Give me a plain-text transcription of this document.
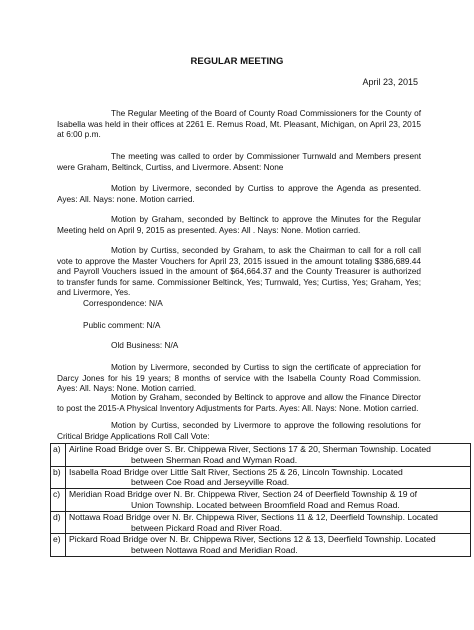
REGULAR MEETING
April 23, 2015
The Regular Meeting of the Board of County Road Commissioners for the County of Isabella was held in their offices at 2261 E. Remus Road, Mt. Pleasant, Michigan, on April 23, 2015 at 6:00 p.m.
The meeting was called to order by Commissioner Turnwald and Members present were Graham, Beltinck, Curtiss, and Livermore. Absent: None
Motion by Livermore, seconded by Curtiss to approve the Agenda as presented. Ayes: All. Nays: none. Motion carried.
Motion by Graham, seconded by Beltinck to approve the Minutes for the Regular Meeting held on April 9, 2015 as presented. Ayes: All . Nays: None. Motion carried.
Motion by Curtiss, seconded by Graham, to ask the Chairman to call for a roll call vote to approve the Master Vouchers for April 23, 2015 issued in the amount totaling $386,689.44 and Payroll Vouchers issued in the amount of $64,664.37 and the County Treasurer is authorized to transfer funds for same. Commissioner Beltinck, Yes; Turnwald, Yes; Curtiss, Yes; Graham, Yes; and Livermore, Yes.
Correspondence: N/A
Public comment: N/A
Old Business: N/A
Motion by Livermore, seconded by Curtiss to sign the certificate of appreciation for Darcy Jones for his 19 years; 8 months of service with the Isabella County Road Commission. Ayes: All. Nays: None. Motion carried.
Motion by Graham, seconded by Beltinck to approve and allow the Finance Director to post the 2015-A Physical Inventory Adjustments for Parts. Ayes: All. Nays: None. Motion carried.
Motion by Curtiss, seconded by Livermore to approve the following resolutions for Critical Bridge Applications Roll Call Vote:
a)	Airline Road Bridge over S. Br. Chippewa River, Sections 17 & 20, Sherman Township. Located
between Sherman Road and Wyman Road.

b)	Isabella Road Bridge over Little Salt River, Sections 25 & 26, Lincoln Township. Located
between Coe Road and Jerseyville Road.

c)	Meridian Road Bridge over N. Br. Chippewa River, Section 24 of Deerfield Township & 19 of
Union Township. Located between Broomfield Road and Remus Road.

d)	Nottawa Road Bridge over N. Br. Chippewa River, Sections 11 & 12, Deerfield Township. Located
between Pickard Road and River Road.

e)	Pickard Road Bridge over N. Br. Chippewa River, Sections 12 & 13, Deerfield Township. Located
between Nottawa Road and Meridian Road.
